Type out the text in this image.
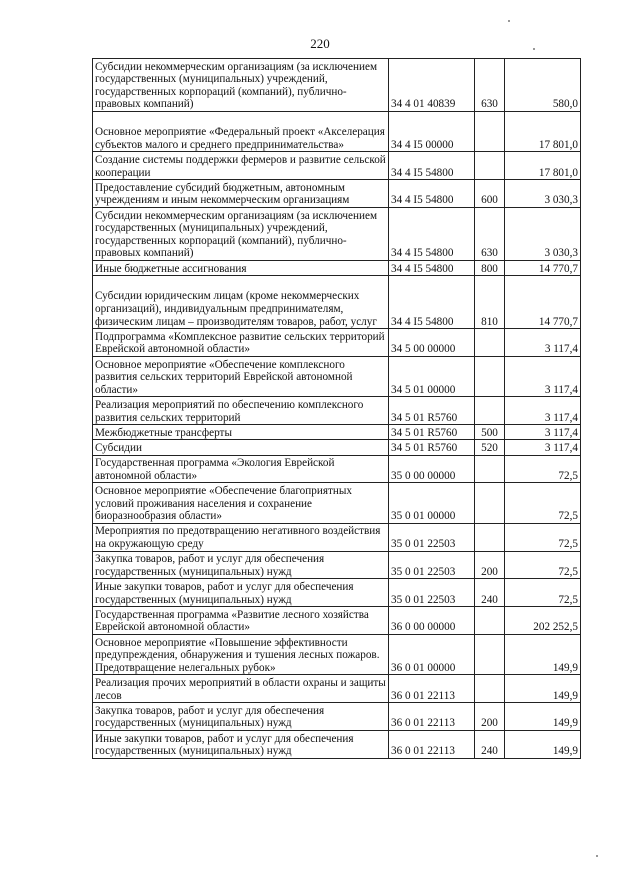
220
Субсидии некоммерческим организациям (за исключением государственных (муниципальных) учреждений, государственных корпораций (компаний), публично-правовых компаний)	34 4 01 40839	630	580,0
Основное мероприятие «Федеральный проект «Акселерация субъектов малого и среднего предпринимательства»	34 4 I5 00000		17 801,0
Создание системы поддержки фермеров и развитие сельской кооперации	34 4 I5 54800		17 801,0
Предоставление субсидий бюджетным, автономным учреждениям и иным некоммерческим организациям	34 4 I5 54800	600	3 030,3
Субсидии некоммерческим организациям (за исключением государственных (муниципальных) учреждений, государственных корпораций (компаний), публично-правовых компаний)	34 4 I5 54800	630	3 030,3
Иные бюджетные ассигнования	34 4 I5 54800	800	14 770,7
Субсидии юридическим лицам (кроме некоммерческих организаций), индивидуальным предпринимателям, физическим лицам – производителям товаров, работ, услуг	34 4 I5 54800	810	14 770,7
Подпрограмма «Комплексное развитие сельских территорий Еврейской автономной области»	34 5 00 00000		3 117,4
Основное мероприятие «Обеспечение комплексного развития сельских территорий Еврейской автономной области»	34 5 01 00000		3 117,4
Реализация мероприятий по обеспечению комплексного развития сельских территорий	34 5 01 R5760		3 117,4
Межбюджетные трансферты	34 5 01 R5760	500	3 117,4
Субсидии	34 5 01 R5760	520	3 117,4
Государственная программа «Экология Еврейской автономной области»	35 0 00 00000		72,5
Основное мероприятие «Обеспечение благоприятных условий проживания населения и сохранение биоразнообразия области»	35 0 01 00000		72,5
Мероприятия по предотвращению негативного воздействия на окружающую среду	35 0 01 22503		72,5
Закупка товаров, работ и услуг для обеспечения государственных (муниципальных) нужд	35 0 01 22503	200	72,5
Иные закупки товаров, работ и услуг для обеспечения государственных (муниципальных) нужд	35 0 01 22503	240	72,5
Государственная программа «Развитие лесного хозяйства Еврейской автономной области»	36 0 00 00000		202 252,5
Основное мероприятие «Повышение эффективности предупреждения, обнаружения и тушения лесных пожаров. Предотвращение нелегальных рубок»	36 0 01 00000		149,9
Реализация прочих мероприятий в области охраны и защиты лесов	36 0 01 22113		149,9
Закупка товаров, работ и услуг для обеспечения государственных (муниципальных) нужд	36 0 01 22113	200	149,9
Иные закупки товаров, работ и услуг для обеспечения государственных (муниципальных) нужд	36 0 01 22113	240	149,9
